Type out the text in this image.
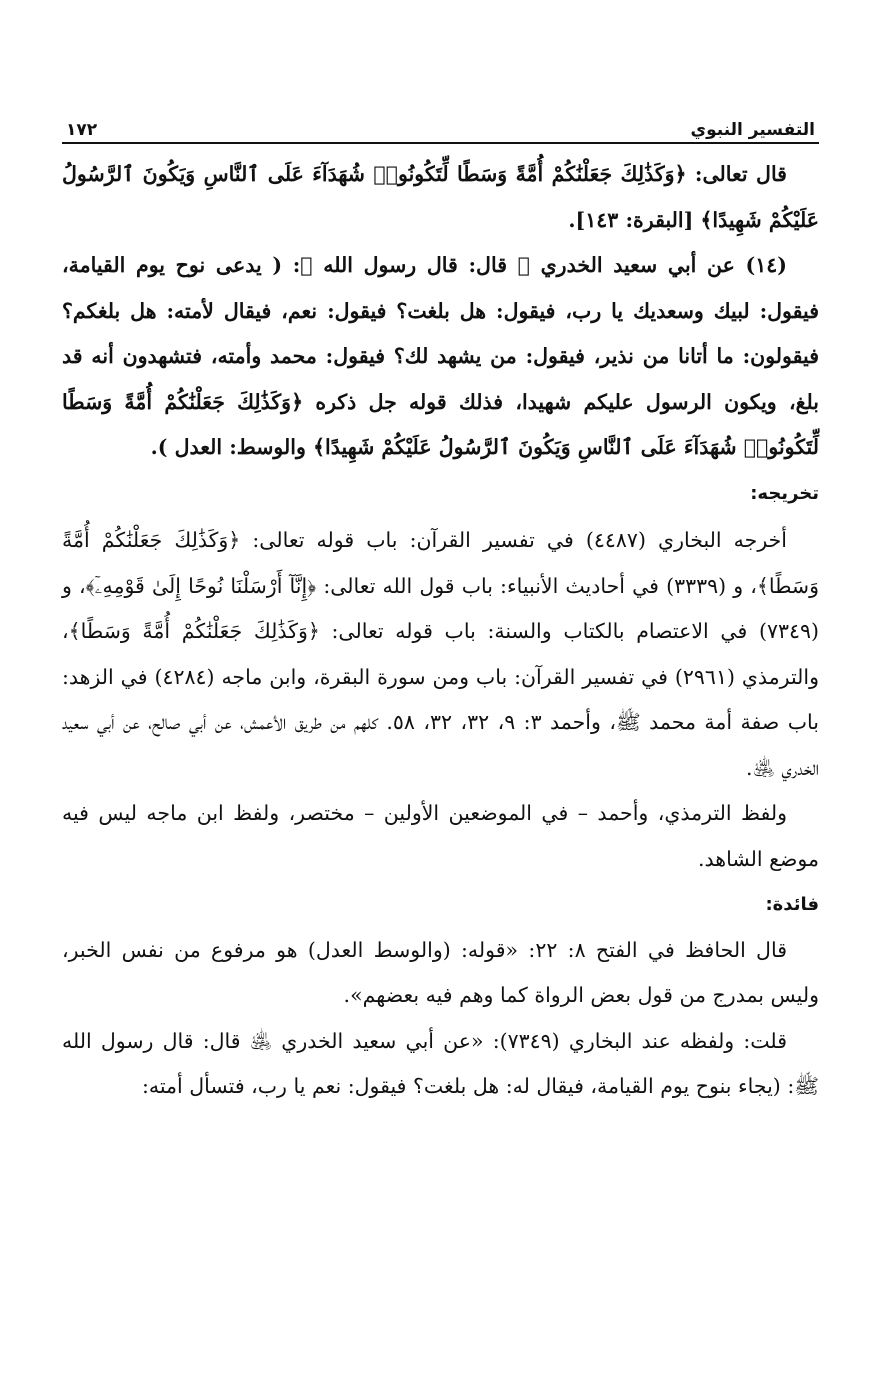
التفسير النبوي
١٧٢

قال تعالى: ﴿وَكَذَٰلِكَ جَعَلْنَٰكُمْ أُمَّةً وَسَطًا لِّتَكُونُوا۟ شُهَدَآءَ عَلَى ٱلنَّاسِ وَيَكُونَ ٱلرَّسُولُ عَلَيْكُمْ شَهِيدًا﴾ [البقرة: ١٤٣].

(١٤) عن أبي سعيد الخدري ﵁ قال: قال رسول الله ﷺ: ( يدعى نوح يوم القيامة، فيقول: لبيك وسعديك يا رب، فيقول: هل بلغت؟ فيقول: نعم، فيقال لأمته: هل بلغكم؟ فيقولون: ما أتانا من نذير، فيقول: من يشهد لك؟ فيقول: محمد وأمته، فتشهدون أنه قد بلغ، ويكون الرسول عليكم شهيدا، فذلك قوله جل ذكره ﴿وَكَذَٰلِكَ جَعَلْنَٰكُمْ أُمَّةً وَسَطًا لِّتَكُونُوا۟ شُهَدَآءَ عَلَى ٱلنَّاسِ وَيَكُونَ ٱلرَّسُولُ عَلَيْكُمْ شَهِيدًا﴾ والوسط: العدل ).

تخريجه:

أخرجه البخاري (٤٤٨٧) في تفسير القرآن: باب قوله تعالى: ﴿وَكَذَٰلِكَ جَعَلْنَٰكُمْ أُمَّةً وَسَطًا﴾، و (٣٣٣٩) في أحاديث الأنبياء: باب قول الله تعالى: ﴿إِنَّآ أَرْسَلْنَا نُوحًا إِلَىٰ قَوْمِهِۦٓ﴾، و (٧٣٤٩) في الاعتصام بالكتاب والسنة: باب قوله تعالى: ﴿وَكَذَٰلِكَ جَعَلْنَٰكُمْ أُمَّةً وَسَطًا﴾، والترمذي (٢٩٦١) في تفسير القرآن: باب ومن سورة البقرة، وابن ماجه (٤٢٨٤) في الزهد: باب صفة أمة محمد ﷺ، وأحمد ٣: ٩، ٣٢، ٣٢، ٥٨. كلهم من طريق الأعمش، عن أبي صالح، عن أبي سعيد الخدري ﵁.

ولفظ الترمذي، وأحمد – في الموضعين الأولين – مختصر، ولفظ ابن ماجه ليس فيه موضع الشاهد.

فائدة:

قال الحافظ في الفتح ٨: ٢٢: «قوله: (والوسط العدل) هو مرفوع من نفس الخبر، وليس بمدرج من قول بعض الرواة كما وهم فيه بعضهم».

قلت: ولفظه عند البخاري (٧٣٤٩): «عن أبي سعيد الخدري ﵁ قال: قال رسول الله ﷺ: (يجاء بنوح يوم القيامة، فيقال له: هل بلغت؟ فيقول: نعم يا رب، فتسأل أمته:
